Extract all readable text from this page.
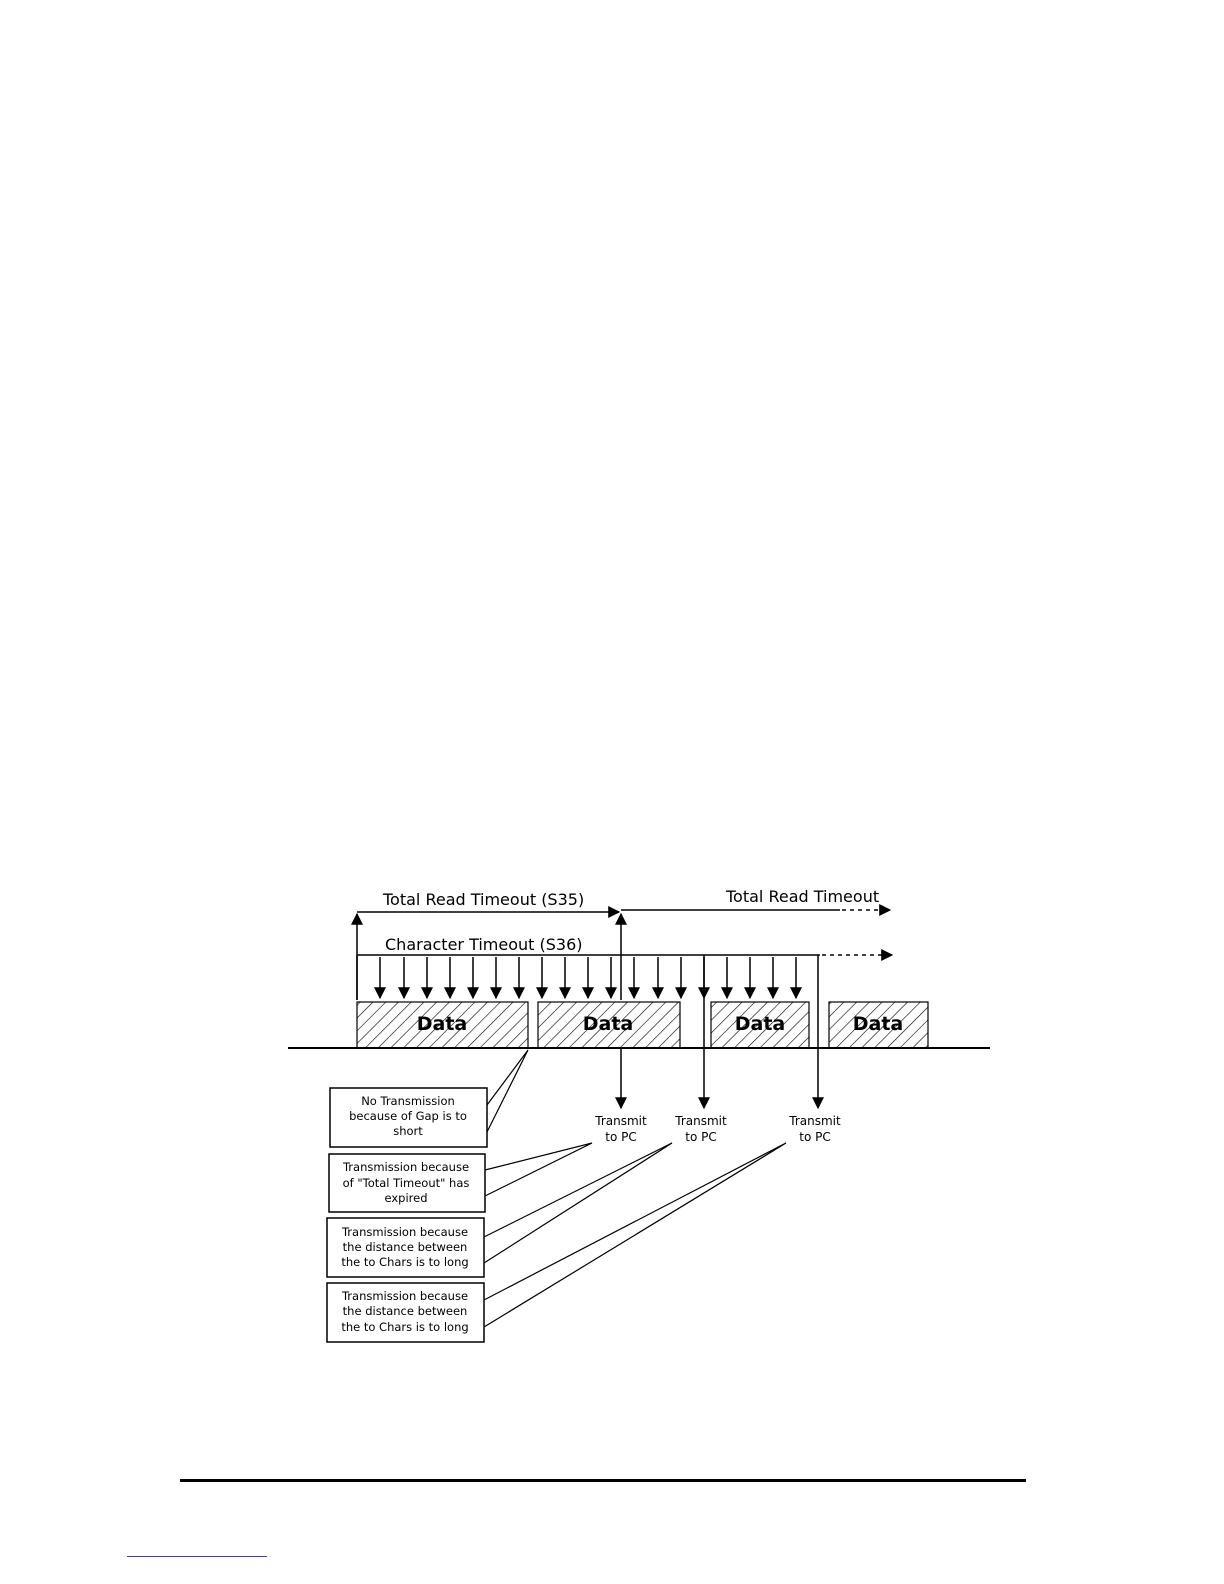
Total Read Timeout (S35)	Total Read Timeout
Character Timeout (S36)
Data	Data	Data	Data
Transmit
to PC
Transmit
to PC
Transmit
to PC
No Transmission
because of Gap is to
short
Transmission because
of "Total Timeout" has
expired
Transmission because
the distance between
the to Chars is to long
Transmission because
the distance between
the to Chars is to long
